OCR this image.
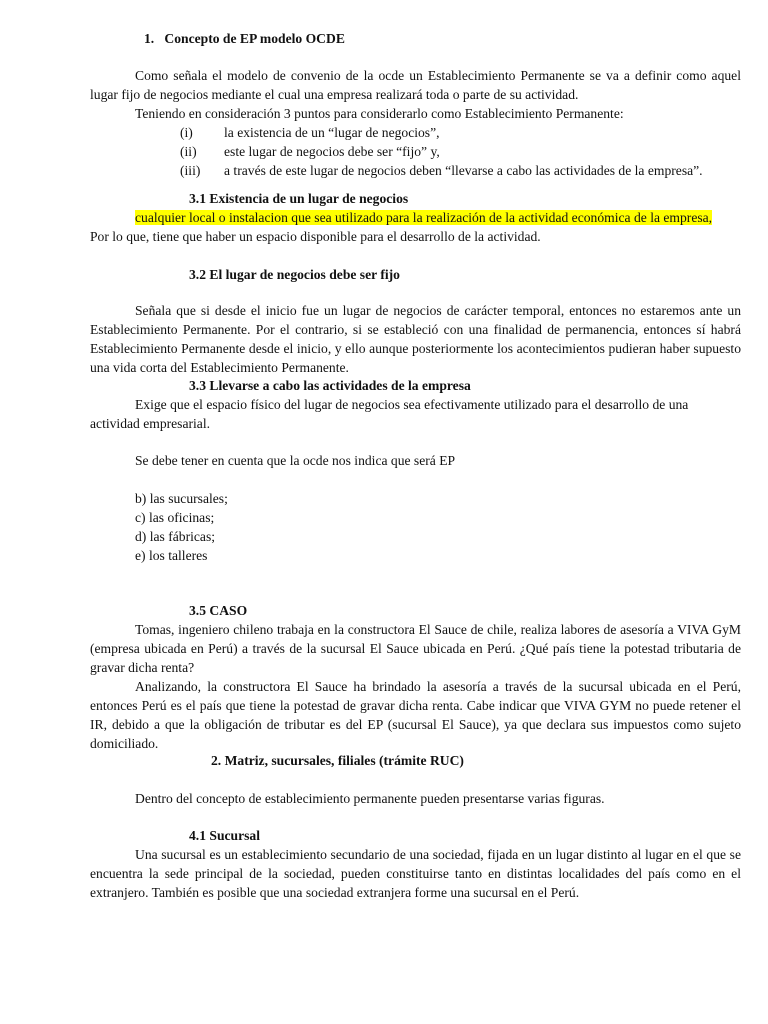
1.   Concepto de EP modelo OCDE
Como señala el modelo de convenio de la ocde un Establecimiento Permanente se va a definir como aquel lugar fijo de negocios mediante el cual una empresa realizará toda o parte de su actividad.
Teniendo en consideración 3 puntos para considerarlo como Establecimiento Permanente:
(i) la existencia de un “lugar de negocios”,
(ii) este lugar de negocios debe ser “fijo” y,
(iii) a través de este lugar de negocios deben “llevarse a cabo las actividades de la empresa”.
3.1 Existencia de un lugar de negocios
cualquier local o instalacion que sea utilizado para la realización de la actividad económica de la empresa,
Por lo que, tiene que haber un espacio disponible para el desarrollo de la actividad.
3.2 El lugar de negocios debe ser fijo
Señala que si desde el inicio fue un lugar de negocios de carácter temporal, entonces no estaremos ante un Establecimiento Permanente. Por el contrario, si se estableció con una finalidad de permanencia, entonces sí habrá Establecimiento Permanente desde el inicio, y ello aunque posteriormente los acontecimientos pudieran haber supuesto una vida corta del Establecimiento Permanente.
3.3 Llevarse a cabo las actividades de la empresa
Exige que el espacio físico del lugar de negocios sea efectivamente utilizado para el desarrollo de una actividad empresarial.
Se debe tener en cuenta que la ocde nos indica que será EP
b) las sucursales;
c) las oficinas;
d) las fábricas;
e) los talleres
3.5 CASO
Tomas, ingeniero chileno trabaja en la constructora El Sauce de chile, realiza labores de asesoría a VIVA GyM (empresa ubicada en Perú) a través de la sucursal El Sauce ubicada en Perú. ¿Qué país tiene la potestad tributaria de gravar dicha renta?
Analizando, la constructora El Sauce ha brindado la asesoría a través de la sucursal ubicada en el Perú, entonces Perú es el país que tiene la potestad de gravar dicha renta. Cabe indicar que VIVA GYM no puede retener el IR, debido a que la obligación de tributar es del EP (sucursal El Sauce), ya que declara sus impuestos como sujeto domiciliado.
2. Matriz, sucursales, filiales (trámite RUC)
Dentro del concepto de establecimiento permanente pueden presentarse varias figuras.
4.1 Sucursal
Una sucursal es un establecimiento secundario de una sociedad, fijada en un lugar distinto al lugar en el que se encuentra la sede principal de la sociedad, pueden constituirse tanto en distintas localidades del país como en el extranjero. También es posible que una sociedad extranjera forme una sucursal en el Perú.
